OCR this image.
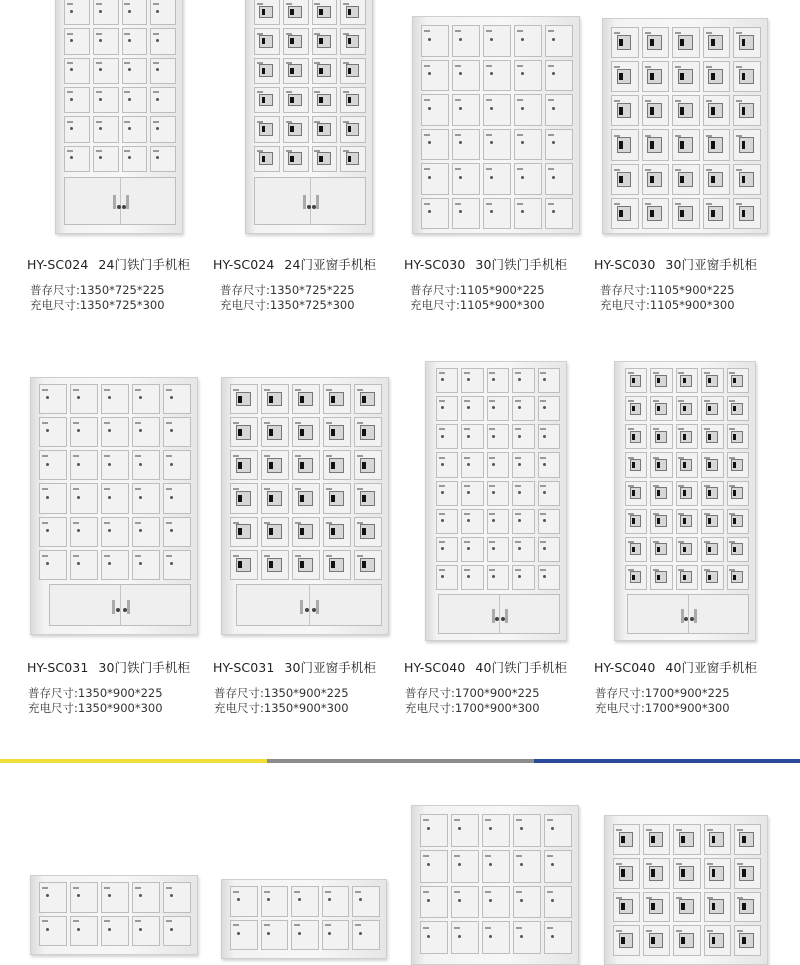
HY-SC024 24门铁门手机柜 HY-SC024 24门亚窗手机柜 HY-SC030 30门铁门手机柜 HY-SC030 30门亚窗手机柜
普存尺寸:1350*725*225
充电尺寸:1350*725*300
普存尺寸:1350*725*225
充电尺寸:1350*725*300
普存尺寸:1105*900*225
充电尺寸:1105*900*300
普存尺寸:1105*900*225
充电尺寸:1105*900*300
HY-SC031 30门铁门手机柜 HY-SC031 30门亚窗手机柜 HY-SC040 40门铁门手机柜 HY-SC040 40门亚窗手机柜
普存尺寸:1350*900*225
充电尺寸:1350*900*300
普存尺寸:1350*900*225
充电尺寸:1350*900*300
普存尺寸:1700*900*225
充电尺寸:1700*900*300
普存尺寸:1700*900*225
充电尺寸:1700*900*300
